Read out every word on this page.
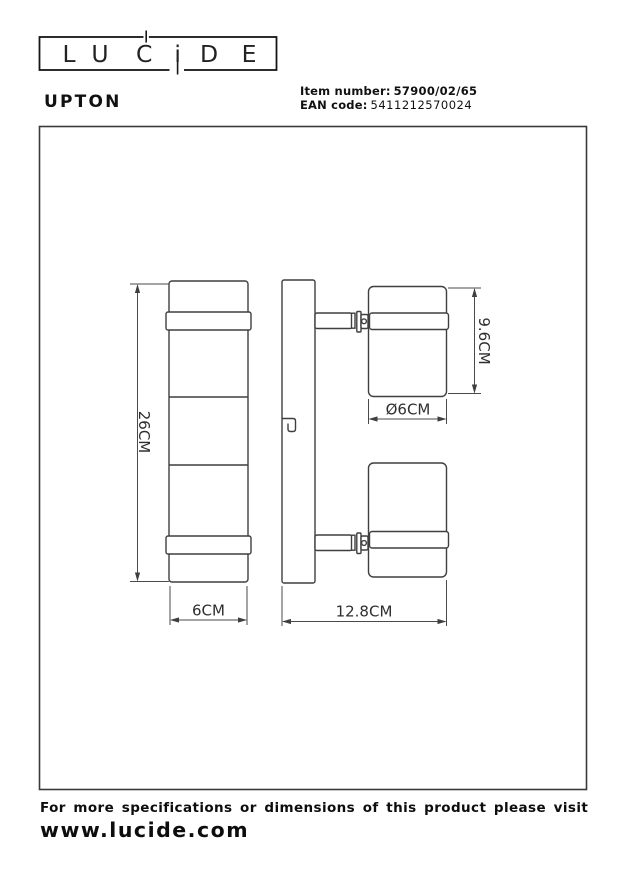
L U C i D E
26CM
6CM
9.6CM
Ø6CM
12.8CM
UPTON
Item number: 57900/02/65
EAN code: 5411212570024
For more specifications or dimensions of this product please visit
www.lucide.com
